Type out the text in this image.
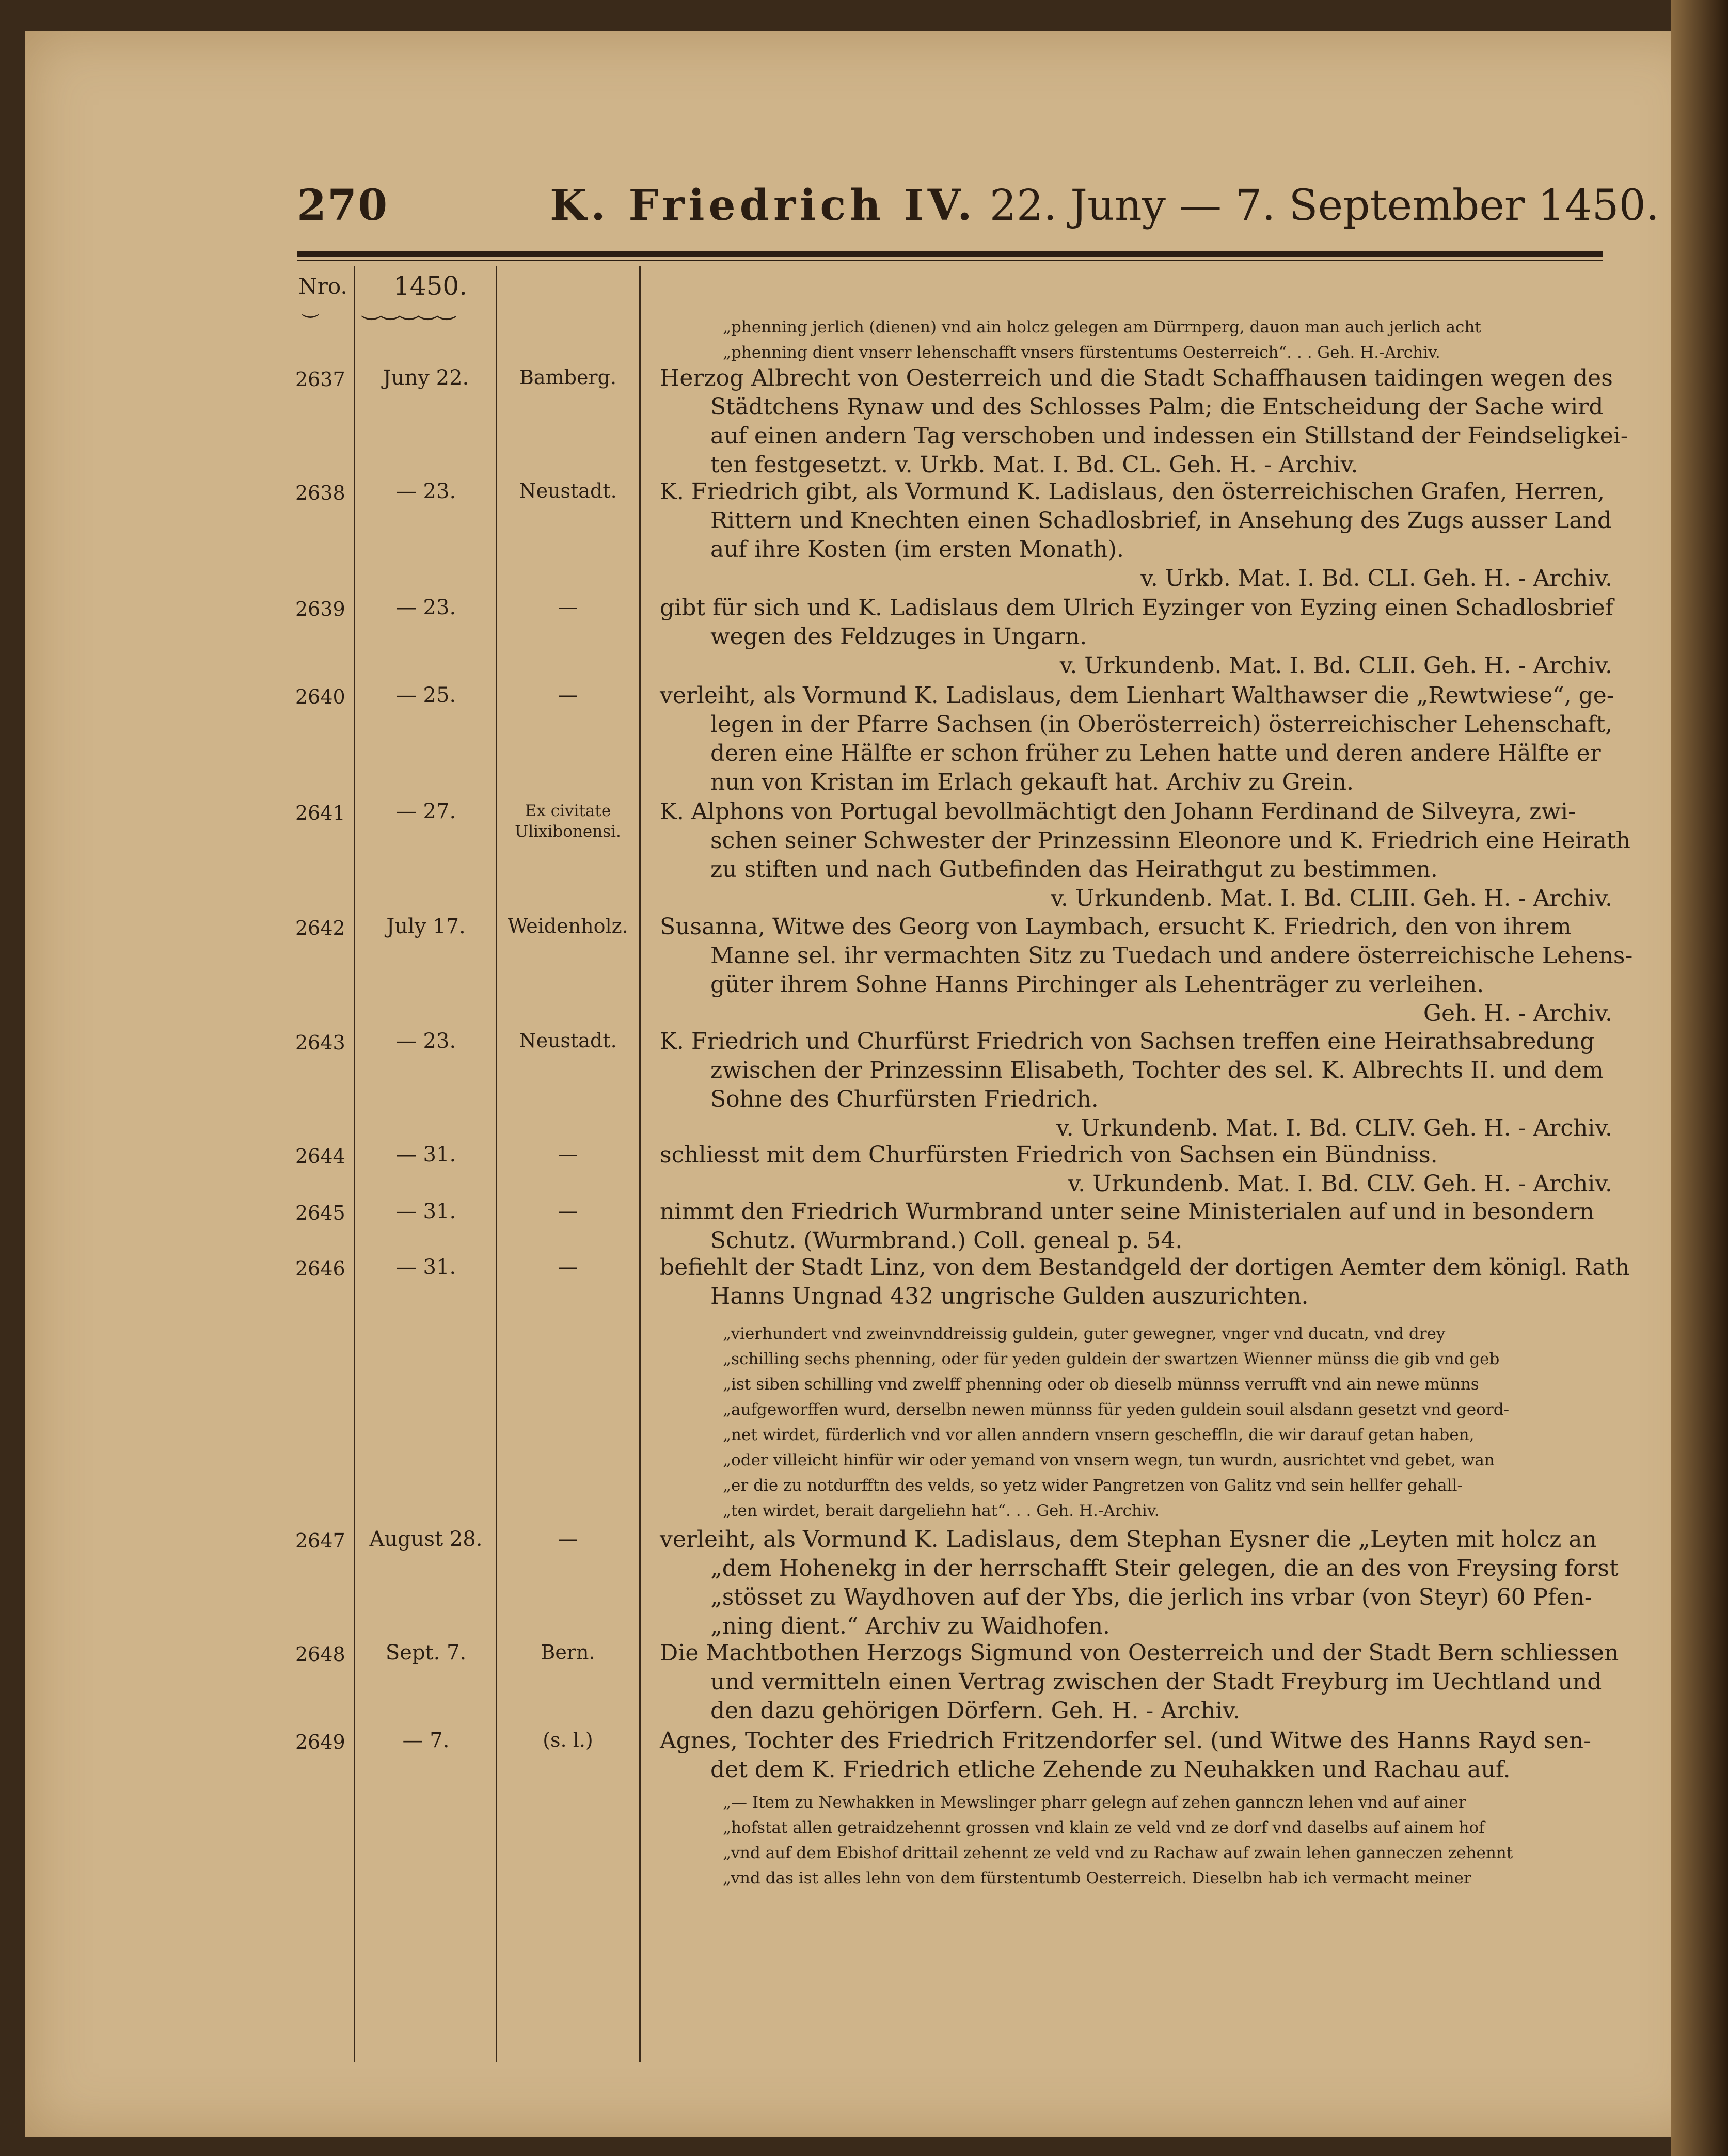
270	K. Friedrich IV. 22. Juny — 7. September 1450.
Nro.
⏝
1450.
⏝⏝⏝⏝⏝
„phenning jerlich (dienen) vnd ain holcz gelegen am Dürrnperg, dauon man auch jerlich acht
„phenning dient vnserr lehenschafft vnsers fürstentums Oesterreich“. . . Geh. H.-Archiv.
2637	Juny 22.	Bamberg.	Herzog Albrecht von Oesterreich und die Stadt Schaffhausen taidingen wegen des
Städtchens Rynaw und des Schlosses Palm; die Entscheidung der Sache wird
auf einen andern Tag verschoben und indessen ein Stillstand der Feindseligkei-
ten festgesetzt. v. Urkb. Mat. I. Bd. CL. Geh. H. - Archiv.
2638	— 23.	Neustadt.	K. Friedrich gibt, als Vormund K. Ladislaus, den österreichischen Grafen, Herren,
Rittern und Knechten einen Schadlosbrief, in Ansehung des Zugs ausser Land
auf ihre Kosten (im ersten Monath).
v. Urkb. Mat. I. Bd. CLI. Geh. H. - Archiv.
2639	— 23.	—	gibt für sich und K. Ladislaus dem Ulrich Eyzinger von Eyzing einen Schadlosbrief
wegen des Feldzuges in Ungarn.
v. Urkundenb. Mat. I. Bd. CLII. Geh. H. - Archiv.
2640	— 25.	—	verleiht, als Vormund K. Ladislaus, dem Lienhart Walthawser die „Rewtwiese“, ge-
legen in der Pfarre Sachsen (in Oberösterreich) österreichischer Lehenschaft,
deren eine Hälfte er schon früher zu Lehen hatte und deren andere Hälfte er
nun von Kristan im Erlach gekauft hat. Archiv zu Grein.
2641	— 27.	Ex civitate Ulixibonensi.
K. Alphons von Portugal bevollmächtigt den Johann Ferdinand de Silveyra, zwi-
schen seiner Schwester der Prinzessinn Eleonore und K. Friedrich eine Heirath
zu stiften und nach Gutbefinden das Heirathgut zu bestimmen.
v. Urkundenb. Mat. I. Bd. CLIII. Geh. H. - Archiv.
2642	July 17.	Weidenholz.	Susanna, Witwe des Georg von Laymbach, ersucht K. Friedrich, den von ihrem
Manne sel. ihr vermachten Sitz zu Tuedach und andere österreichische Lehens-
güter ihrem Sohne Hanns Pirchinger als Lehenträger zu verleihen.
Geh. H. - Archiv.
2643	— 23.	Neustadt.	K. Friedrich und Churfürst Friedrich von Sachsen treffen eine Heirathsabredung
zwischen der Prinzessinn Elisabeth, Tochter des sel. K. Albrechts II. und dem
Sohne des Churfürsten Friedrich.
v. Urkundenb. Mat. I. Bd. CLIV. Geh. H. - Archiv.
2644	— 31.	—	schliesst mit dem Churfürsten Friedrich von Sachsen ein Bündniss.
v. Urkundenb. Mat. I. Bd. CLV. Geh. H. - Archiv.
2645	— 31.	—	nimmt den Friedrich Wurmbrand unter seine Ministerialen auf und in besondern
Schutz. (Wurmbrand.) Coll. geneal p. 54.
2646	— 31.	—	befiehlt der Stadt Linz, von dem Bestandgeld der dortigen Aemter dem königl. Rath
Hanns Ungnad 432 ungrische Gulden auszurichten.
2647	August 28.	—	verleiht, als Vormund K. Ladislaus, dem Stephan Eysner die „Leyten mit holcz an
„dem Hohenekg in der herrschafft Steir gelegen, die an des von Freysing forst
„stösset zu Waydhoven auf der Ybs, die jerlich ins vrbar (von Steyr) 60 Pfen-
„ning dient.“ Archiv zu Waidhofen.
2648	Sept. 7.	Bern.	Die Machtbothen Herzogs Sigmund von Oesterreich und der Stadt Bern schliessen
und vermitteln einen Vertrag zwischen der Stadt Freyburg im Uechtland und
den dazu gehörigen Dörfern. Geh. H. - Archiv.
2649	— 7.	(s. l.)	Agnes, Tochter des Friedrich Fritzendorfer sel. (und Witwe des Hanns Rayd sen-
det dem K. Friedrich etliche Zehende zu Neuhakken und Rachau auf.
„vierhundert vnd zweinvnddreissig guldein, guter gewegner, vnger vnd ducatn, vnd drey
„schilling sechs phenning, oder für yeden guldein der swartzen Wienner münss die gib vnd geb
„ist siben schilling vnd zwelff phenning oder ob dieselb münnss verrufft vnd ain newe münns
„aufgeworffen wurd, derselbn newen münnss für yeden guldein souil alsdann gesetzt vnd geord-
„net wirdet, fürderlich vnd vor allen anndern vnsern gescheffln, die wir darauf getan haben,
„oder villeicht hinfür wir oder yemand von vnsern wegn, tun wurdn, ausrichtet vnd gebet, wan
„er die zu notdurfftn des velds, so yetz wider Pangretzen von Galitz vnd sein hellfer gehall-
„ten wirdet, berait dargeliehn hat“. . . Geh. H.-Archiv.
„— Item zu Newhakken in Mewslinger pharr gelegn auf zehen gannczn lehen vnd auf ainer
„hofstat allen getraidzehennt grossen vnd klain ze veld vnd ze dorf vnd daselbs auf ainem hof
„vnd auf dem Ebishof drittail zehennt ze veld vnd zu Rachaw auf zwain lehen ganneczen zehennt
„vnd das ist alles lehn von dem fürstentumb Oesterreich. Dieselbn hab ich vermacht meiner
